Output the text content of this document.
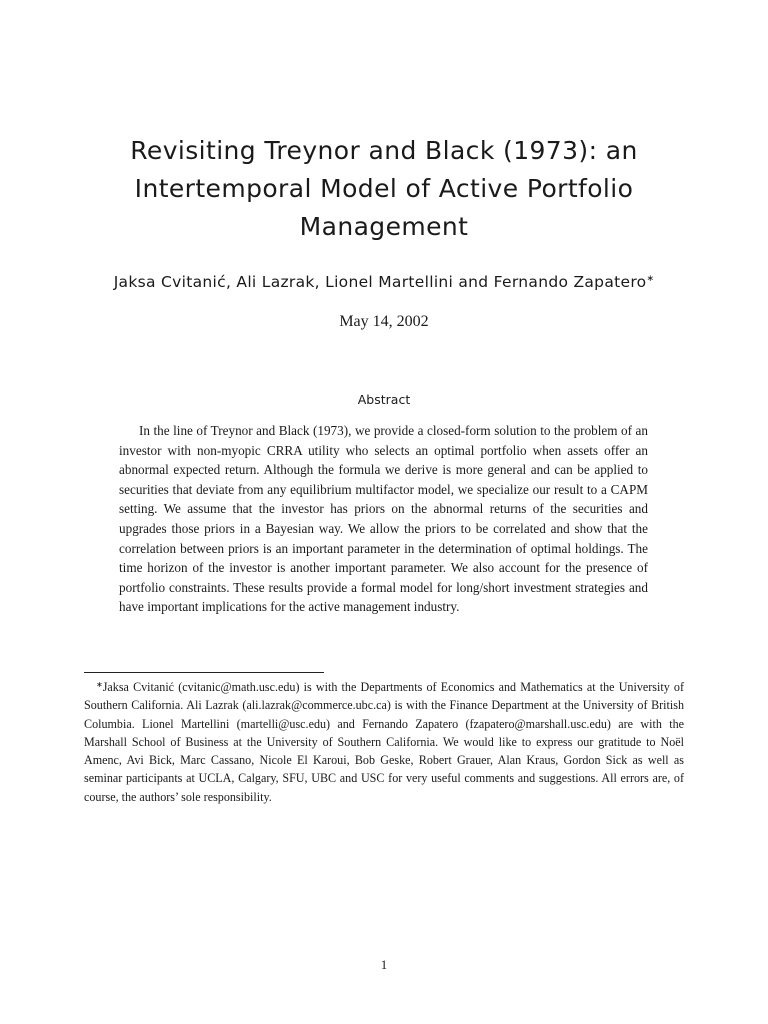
Revisiting Treynor and Black (1973): an
Intertemporal Model of Active Portfolio
Management
Jaksa Cvitanić, Ali Lazrak, Lionel Martellini and Fernando Zapatero∗
May 14, 2002
Abstract

In the line of Treynor and Black (1973), we provide a closed-form solution to the problem of an investor with non-myopic CRRA utility who selects an optimal portfolio when assets offer an abnormal expected return. Although the formula we derive is more general and can be applied to securities that deviate from any equilibrium multifactor model, we specialize our result to a CAPM setting. We assume that the investor has priors on the abnormal returns of the securities and upgrades those priors in a Bayesian way. We allow the priors to be correlated and show that the correlation between priors is an important parameter in the determination of optimal holdings. The time horizon of the investor is another important parameter. We also account for the presence of portfolio constraints. These results provide a formal model for long/short investment strategies and have important implications for the active management industry.

∗Jaksa Cvitanić (cvitanic@math.usc.edu) is with the Departments of Economics and Mathematics at the University of Southern California. Ali Lazrak (ali.lazrak@commerce.ubc.ca) is with the Finance Department at the University of British Columbia. Lionel Martellini (martelli@usc.edu) and Fernando Zapatero (fzapatero@marshall.usc.edu) are with the Marshall School of Business at the University of Southern California. We would like to express our gratitude to Noël Amenc, Avi Bick, Marc Cassano, Nicole El Karoui, Bob Geske, Robert Grauer, Alan Kraus, Gordon Sick as well as seminar participants at UCLA, Calgary, SFU, UBC and USC for very useful comments and suggestions. All errors are, of course, the authors’ sole responsibility.

1
